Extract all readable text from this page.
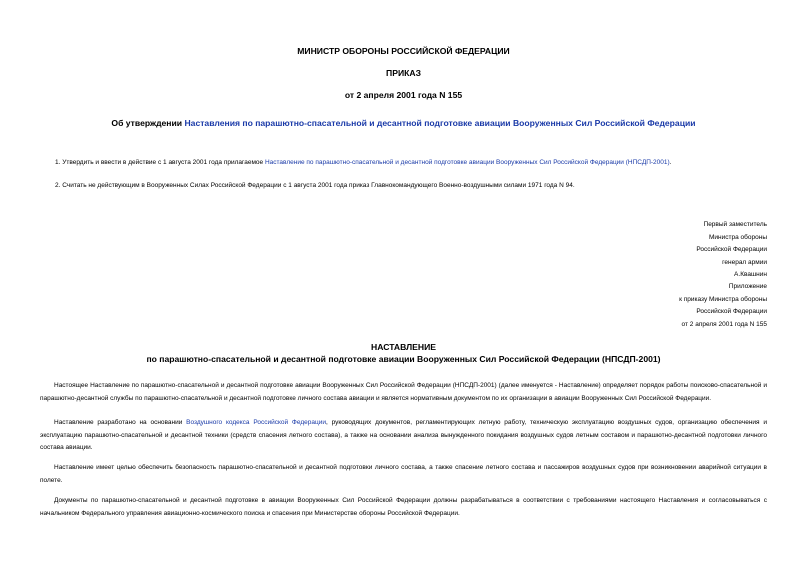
МИНИСТР ОБОРОНЫ РОССИЙСКОЙ ФЕДЕРАЦИИ
ПРИКАЗ
от 2 апреля 2001 года N 155
Об утверждении Наставления по парашютно-спасательной и десантной подготовке авиации Вооруженных Сил Российской Федерации
1. Утвердить и ввести в действие с 1 августа 2001 года прилагаемое Наставление по парашютно-спасательной и десантной подготовке авиации Вооруженных Сил Российской Федерации (НПСДП-2001).
2. Считать не действующим в Вооруженных Силах Российской Федерации с 1 августа 2001 года приказ Главнокомандующего Военно-воздушными силами 1971 года N 94.
Первый заместитель
Министра обороны
Российской Федерации
генерал армии
А.Квашнин
Приложение
к приказу Министра обороны
Российской Федерации
от 2 апреля 2001 года N 155
НАСТАВЛЕНИЕ
по парашютно-спасательной и десантной подготовке авиации Вооруженных Сил Российской Федерации (НПСДП-2001)
Настоящее Наставление по парашютно-спасательной и десантной подготовке авиации Вооруженных Сил Российской Федерации (НПСДП-2001) (далее именуется - Наставление) определяет порядок работы поисково-спасательной и парашютно-десантной службы по парашютно-спасательной и десантной подготовке личного состава авиации и является нормативным документом по их организации в авиации Вооруженных Сил Российской Федерации.
Наставление разработано на основании Воздушного кодекса Российской Федерации, руководящих документов, регламентирующих летную работу, техническую эксплуатацию воздушных судов, организацию обеспечения и эксплуатацию парашютно-спасательной и десантной техники (средств спасения летного состава), а также на основании анализа вынужденного покидания воздушных судов летным составом и парашютно-десантной подготовки личного состава авиации.
Наставление имеет целью обеспечить безопасность парашютно-спасательной и десантной подготовки личного состава, а также спасение летного состава и пассажиров воздушных судов при возникновении аварийной ситуации в полете.
Документы по парашютно-спасательной и десантной подготовке в авиации Вооруженных Сил Российской Федерации должны разрабатываться в соответствии с требованиями настоящего Наставления и согласовываться с начальником Федерального управления авиационно-космического поиска и спасения при Министерстве обороны Российской Федерации.
